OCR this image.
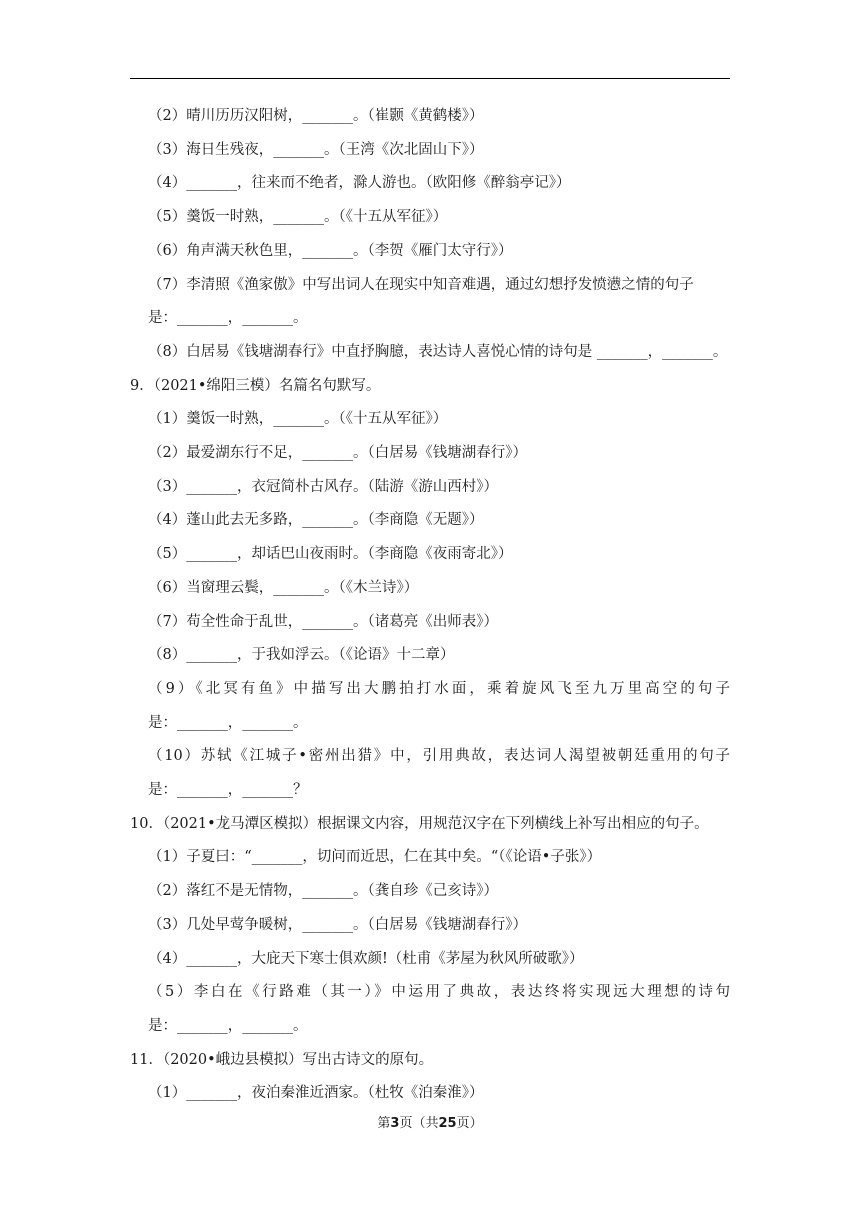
（2）晴川历历汉阳树，_______。（崔颢《黄鹤楼》）
（3）海日生残夜，_______。（王湾《次北固山下》）
（4）_______，往来而不绝者，滁人游也。（欧阳修《醉翁亭记》）
（5）羹饭一时熟，_______。（《十五从军征》）
（6）角声满天秋色里，_______。（李贺《雁门太守行》）
（7）李清照《渔家傲》中写出词人在现实中知音难遇，通过幻想抒发愤懑之情的句子
是：_______，_______。
（8）白居易《钱塘湖春行》中直抒胸臆，表达诗人喜悦心情的诗句是 _______，_______。
9．（2021•绵阳三模）名篇名句默写。
（1）羹饭一时熟，_______。（《十五从军征》）
（2）最爱湖东行不足，_______。（白居易《钱塘湖春行》）
（3）_______，衣冠简朴古风存。（陆游《游山西村》）
（4）蓬山此去无多路，_______。（李商隐《无题》）
（5）_______，却话巴山夜雨时。（李商隐《夜雨寄北》）
（6）当窗理云鬓，_______。（《木兰诗》）
（7）苟全性命于乱世，_______。（诸葛亮《出师表》）
（8）_______，于我如浮云。（《论语》十二章）
（9）《北冥有鱼》中描写出大鹏拍打水面，乘着旋风飞至九万里高空的句子
是：_______，_______。
（10）苏轼《江城子•密州出猎》中，引用典故，表达词人渴望被朝廷重用的句子
是：_______，_______？
10．（2021•龙马潭区模拟）根据课文内容，用规范汉字在下列横线上补写出相应的句子。
（1）子夏曰：“_______，切问而近思，仁在其中矣。“（《论语•子张》）
（2）落红不是无情物，_______。（龚自珍《己亥诗》）
（3）几处早莺争暖树，_______。（白居易《钱塘湖春行》）
（4）_______，大庇天下寒士俱欢颜!（杜甫《茅屋为秋风所破歌》）
（5）李白在《行路难（其一）》中运用了典故，表达终将实现远大理想的诗句
是：_______，_______。
11．（2020•峨边县模拟）写出古诗文的原句。
（1）_______，夜泊秦淮近酒家。（杜牧《泊秦淮》）
第3页（共25页）
